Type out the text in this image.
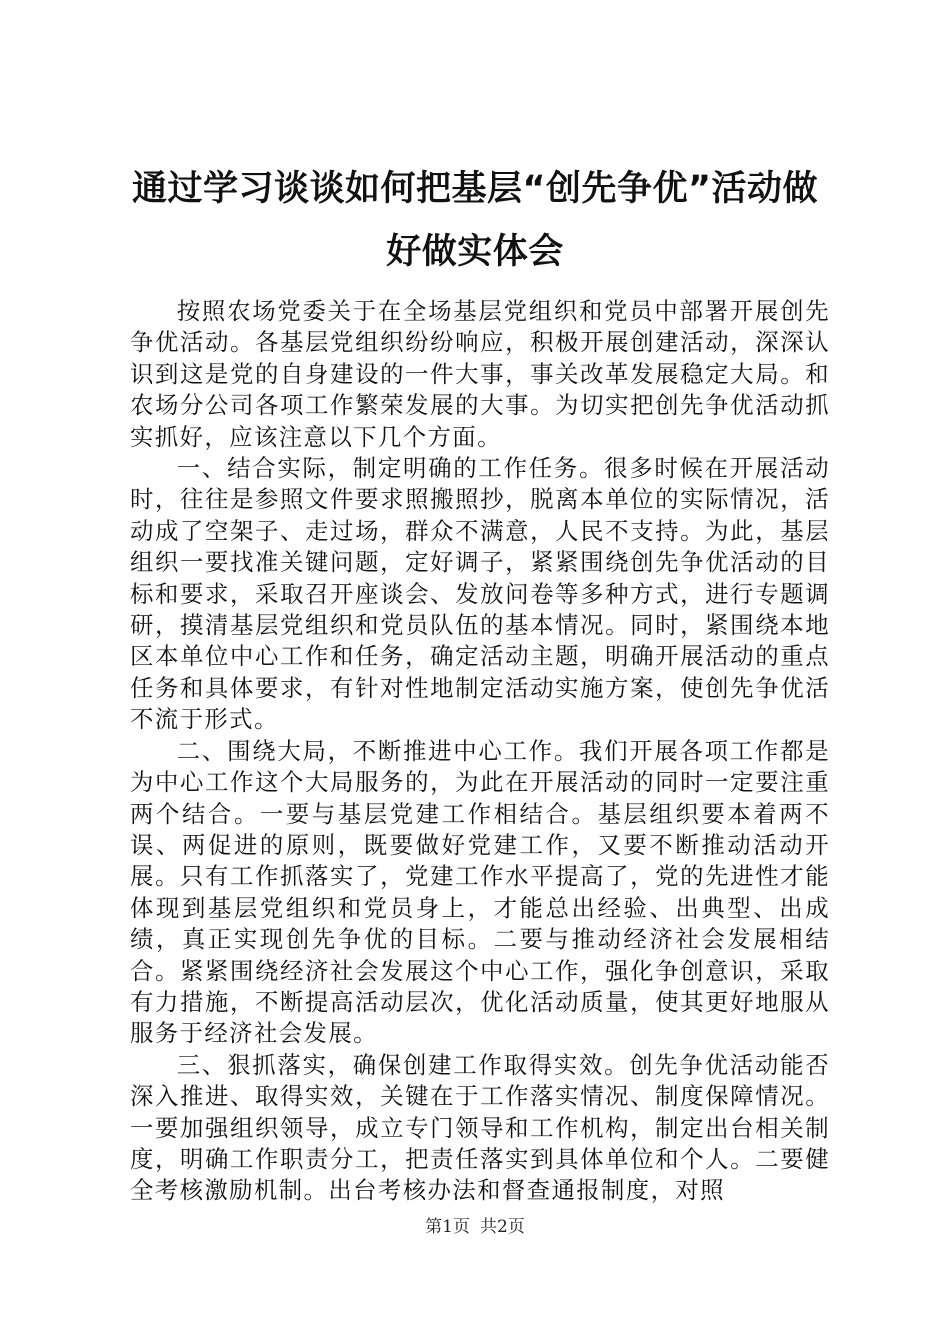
通过学习谈谈如何把基层“创先争优”活动做好做实体会

按照农场党委关于在全场基层党组织和党员中部署开展创先争优活动。各基层党组织纷纷响应，积极开展创建活动，深深认识到这是党的自身建设的一件大事，事关改革发展稳定大局。和农场分公司各项工作繁荣发展的大事。为切实把创先争优活动抓实抓好，应该注意以下几个方面。

一、结合实际，制定明确的工作任务。很多时候在开展活动时，往往是参照文件要求照搬照抄，脱离本单位的实际情况，活动成了空架子、走过场，群众不满意，人民不支持。为此，基层组织一要找准关键问题，定好调子，紧紧围绕创先争优活动的目标和要求，采取召开座谈会、发放问卷等多种方式，进行专题调研，摸清基层党组织和党员队伍的基本情况。同时，紧围绕本地区本单位中心工作和任务，确定活动主题，明确开展活动的重点任务和具体要求，有针对性地制定活动实施方案，使创先争优活不流于形式。

二、围绕大局，不断推进中心工作。我们开展各项工作都是为中心工作这个大局服务的，为此在开展活动的同时一定要注重两个结合。一要与基层党建工作相结合。基层组织要本着两不误、两促进的原则，既要做好党建工作，又要不断推动活动开展。只有工作抓落实了，党建工作水平提高了，党的先进性才能体现到基层党组织和党员身上，才能总出经验、出典型、出成绩，真正实现创先争优的目标。二要与推动经济社会发展相结合。紧紧围绕经济社会发展这个中心工作，强化争创意识，采取有力措施，不断提高活动层次，优化活动质量，使其更好地服从服务于经济社会发展。

三、狠抓落实，确保创建工作取得实效。创先争优活动能否深入推进、取得实效，关键在于工作落实情况、制度保障情况。一要加强组织领导，成立专门领导和工作机构，制定出台相关制度，明确工作职责分工，把责任落实到具体单位和个人。二要健全考核激励机制。出台考核办法和督查通报制度，对照

第1页 共2页
